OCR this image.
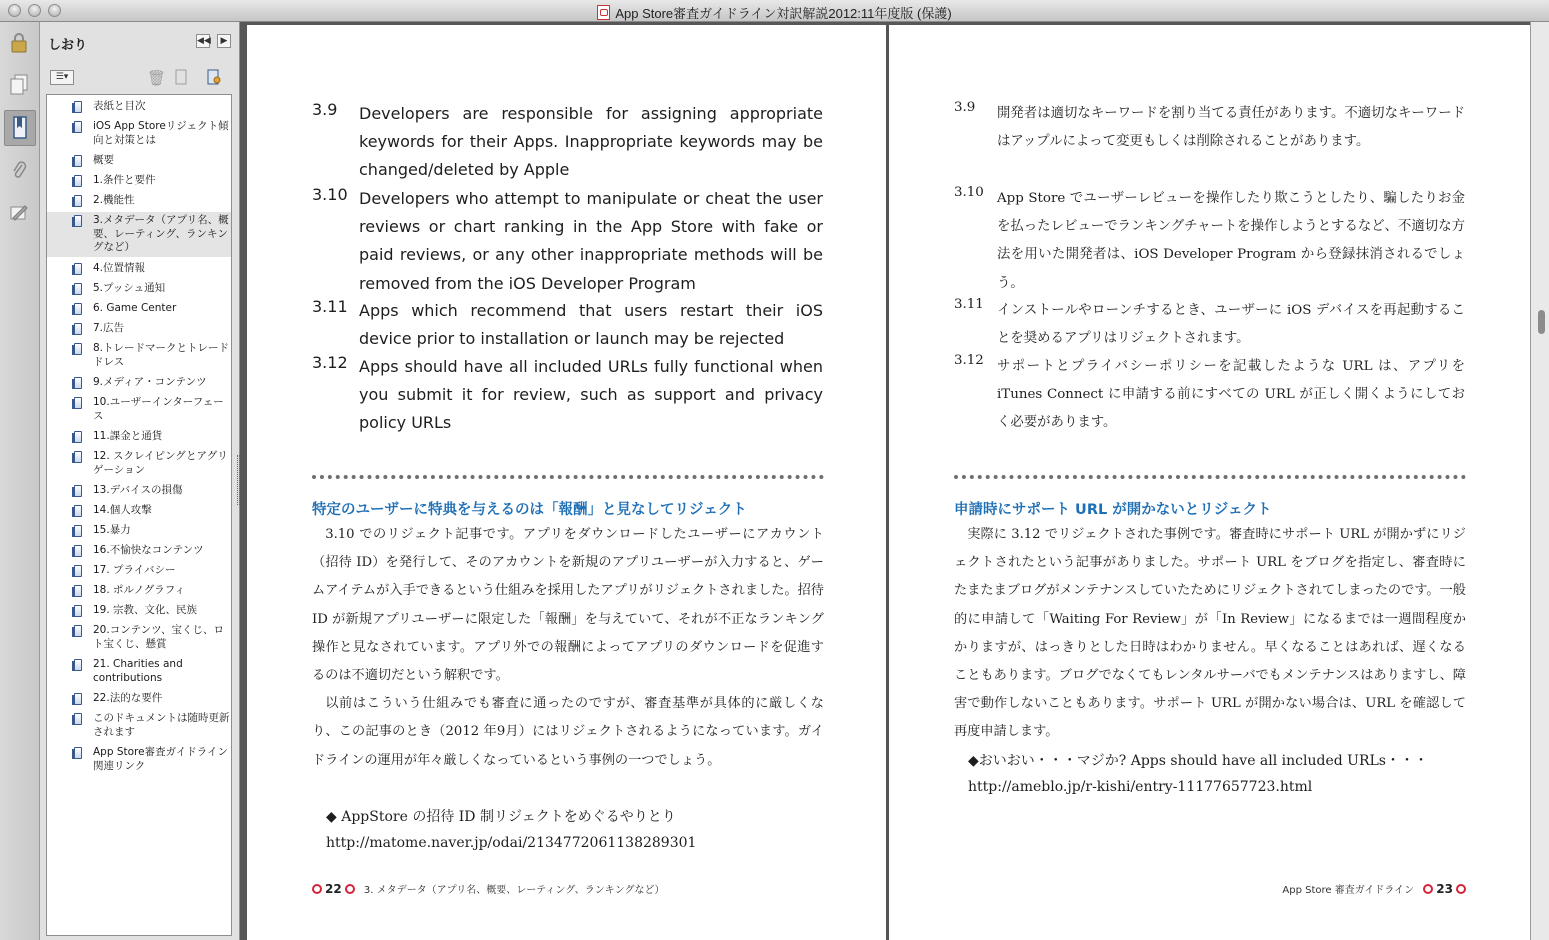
App Store審査ガイドライン対訳解説2012:11年度版 (保護)
しおり	◀◀	▶
☰▾	🗑
表紙と目次
iOS App Storeリジェクト傾向と対策とは
概要
1.条件と要件
2.機能性
3.メタデータ（アプリ名、概要、レーティング、ランキングなど）
4.位置情報
5.プッシュ通知
6. Game Center
7.広告
8.トレードマークとトレードドレス
9.メディア・コンテンツ
10.ユーザーインターフェース
11.課金と通貨
12. スクレイピングとアグリゲーション
13.デバイスの損傷
14.個人攻撃
15.暴力
16.不愉快なコンテンツ
17. プライバシー
18. ポルノグラフィ
19. 宗教、文化、民族
20.コンテンツ、宝くじ、ロト宝くじ、懸賞
21. Charities and contributions
22.法的な要件
このドキュメントは随時更新されます
App Store審査ガイドライン関連リンク
3.9 Developers are responsible for assigning appropriate keywords for their Apps. Inappropriate keywords may be changed/deleted by Apple
3.10 Developers who attempt to manipulate or cheat the user reviews or chart ranking in the App Store with fake or paid reviews, or any other inappropriate methods will be removed from the iOS Developer Program
3.11 Apps which recommend that users restart their iOS device prior to installation or launch may be rejected
3.12 Apps should have all included URLs fully functional when you submit it for review, such as support and privacy policy URLs
特定のユーザーに特典を与えるのは「報酬」と見なしてリジェクト

3.10 でのリジェクト記事です。アプリをダウンロードしたユーザーにアカウント（招待 ID）を発行して、そのアカウントを新規のアプリユーザーが入力すると、ゲームアイテムが入手できるという仕組みを採用したアプリがリジェクトされました。招待 ID が新規アプリユーザーに限定した「報酬」を与えていて、それが不正なランキング操作と見なされています。アプリ外での報酬によってアプリのダウンロードを促進するのは不適切だという解釈です。

以前はこういう仕組みでも審査に通ったのですが、審査基準が具体的に厳しくなり、この記事のとき（2012 年9月）にはリジェクトされるようになっています。ガイドラインの運用が年々厳しくなっているという事例の一つでしょう。

◆ AppStore の招待 ID 制リジェクトをめぐるやりとり
http://matome.naver.jp/odai/2134772061138289301
22 3. メタデータ（アプリ名、概要、レーティング、ランキングなど）
3.9 開発者は適切なキーワードを割り当てる責任があります。不適切なキーワードはアップルによって変更もしくは削除されることがあります。
3.10 App Store でユーザーレビューを操作したり欺こうとしたり、騙したりお金を払ったレビューでランキングチャートを操作しようとするなど、不適切な方法を用いた開発者は、iOS Developer Program から登録抹消されるでしょう。
3.11 インストールやローンチするとき、ユーザーに iOS デバイスを再起動することを奨めるアプリはリジェクトされます。
3.12 サポートとプライバシーポリシーを記載したような URL は、アプリを iTunes Connect に申請する前にすべての URL が正しく開くようにしておく必要があります。
申請時にサポート URL が開かないとリジェクト

実際に 3.12 でリジェクトされた事例です。審査時にサポート URL が開かずにリジェクトされたという記事がありました。サポート URL をブログを指定し、審査時にたまたまブログがメンテナンスしていたためにリジェクトされてしまったのです。一般的に申請して「Waiting For Review」が「In Review」になるまでは一週間程度かかりますが、はっきりとした日時はわかりません。早くなることはあれば、遅くなることもあります。ブログでなくてもレンタルサーバでもメンテナンスはありますし、障害で動作しないこともあります。サポート URL が開かない場合は、URL を確認して再度申請します。

◆おいおい・・・マジか? Apps should have all included URLs・・・
http://ameblo.jp/r-kishi/entry-11177657723.html
App Store 審査ガイドライン 23
